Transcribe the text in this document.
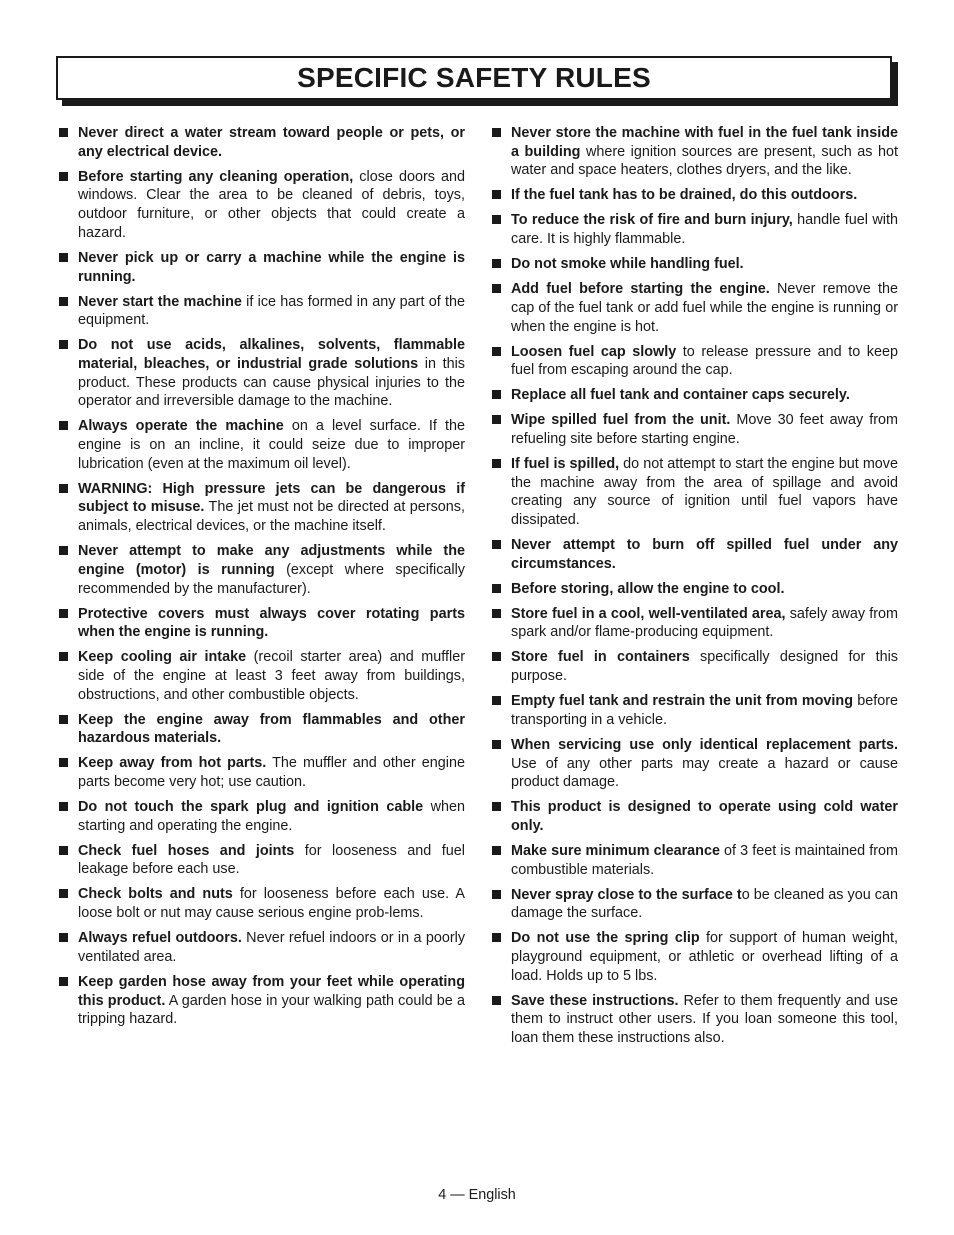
SPECIFIC SAFETY RULES
Never direct a water stream toward people or pets, or any electrical device.
Before starting any cleaning operation, close doors and windows. Clear the area to be cleaned of debris, toys, outdoor furniture, or other objects that could create a hazard.
Never pick up or carry a machine while the engine is running.
Never start the machine if ice has formed in any part of the equipment.
Do not use acids, alkalines, solvents, flammable material, bleaches, or industrial grade solutions in this product. These products can cause physical injuries to the operator and irreversible damage to the machine.
Always operate the machine on a level surface. If the engine is on an incline, it could seize due to improper lubrication (even at the maximum oil level).
WARNING: High pressure jets can be dangerous if subject to misuse. The jet must not be directed at persons, animals, electrical devices, or the machine itself.
Never attempt to make any adjustments while the engine (motor) is running (except where specifically recommended by the manufacturer).
Protective covers must always cover rotating parts when the engine is running.
Keep cooling air intake (recoil starter area) and muffler side of the engine at least 3 feet away from buildings, obstructions, and other combustible objects.
Keep the engine away from flammables and other hazardous materials.
Keep away from hot parts. The muffler and other engine parts become very hot; use caution.
Do not touch the spark plug and ignition cable when starting and operating the engine.
Check fuel hoses and joints for looseness and fuel leakage before each use.
Check bolts and nuts for looseness before each use. A loose bolt or nut may cause serious engine prob-lems.
Always refuel outdoors. Never refuel indoors or in a poorly ventilated area.
Keep garden hose away from your feet while operating this product. A garden hose in your walking path could be a tripping hazard.
Never store the machine with fuel in the fuel tank inside a building where ignition sources are present, such as hot water and space heaters, clothes dryers, and the like.
If the fuel tank has to be drained, do this outdoors.
To reduce the risk of fire and burn injury, handle fuel with care. It is highly flammable.
Do not smoke while handling fuel.
Add fuel before starting the engine. Never remove the cap of the fuel tank or add fuel while the engine is running or when the engine is hot.
Loosen fuel cap slowly to release pressure and to keep fuel from escaping around the cap.
Replace all fuel tank and container caps securely.
Wipe spilled fuel from the unit. Move 30 feet away from refueling site before starting engine.
If fuel is spilled, do not attempt to start the engine but move the machine away from the area of spillage and avoid creating any source of ignition until fuel vapors have dissipated.
Never attempt to burn off spilled fuel under any circumstances.
Before storing, allow the engine to cool.
Store fuel in a cool, well-ventilated area, safely away from spark and/or flame-producing equipment.
Store fuel in containers specifically designed for this purpose.
Empty fuel tank and restrain the unit from moving before transporting in a vehicle.
When servicing use only identical replacement parts. Use of any other parts may create a hazard or cause product damage.
This product is designed to operate using cold water only.
Make sure minimum clearance of 3 feet is maintained from combustible materials.
Never spray close to the surface to be cleaned as you can damage the surface.
Do not use the spring clip for support of human weight, playground equipment, or athletic or overhead lifting of a load. Holds up to 5 lbs.
Save these instructions. Refer to them frequently and use them to instruct other users. If you loan someone this tool, loan them these instructions also.
4 — English
